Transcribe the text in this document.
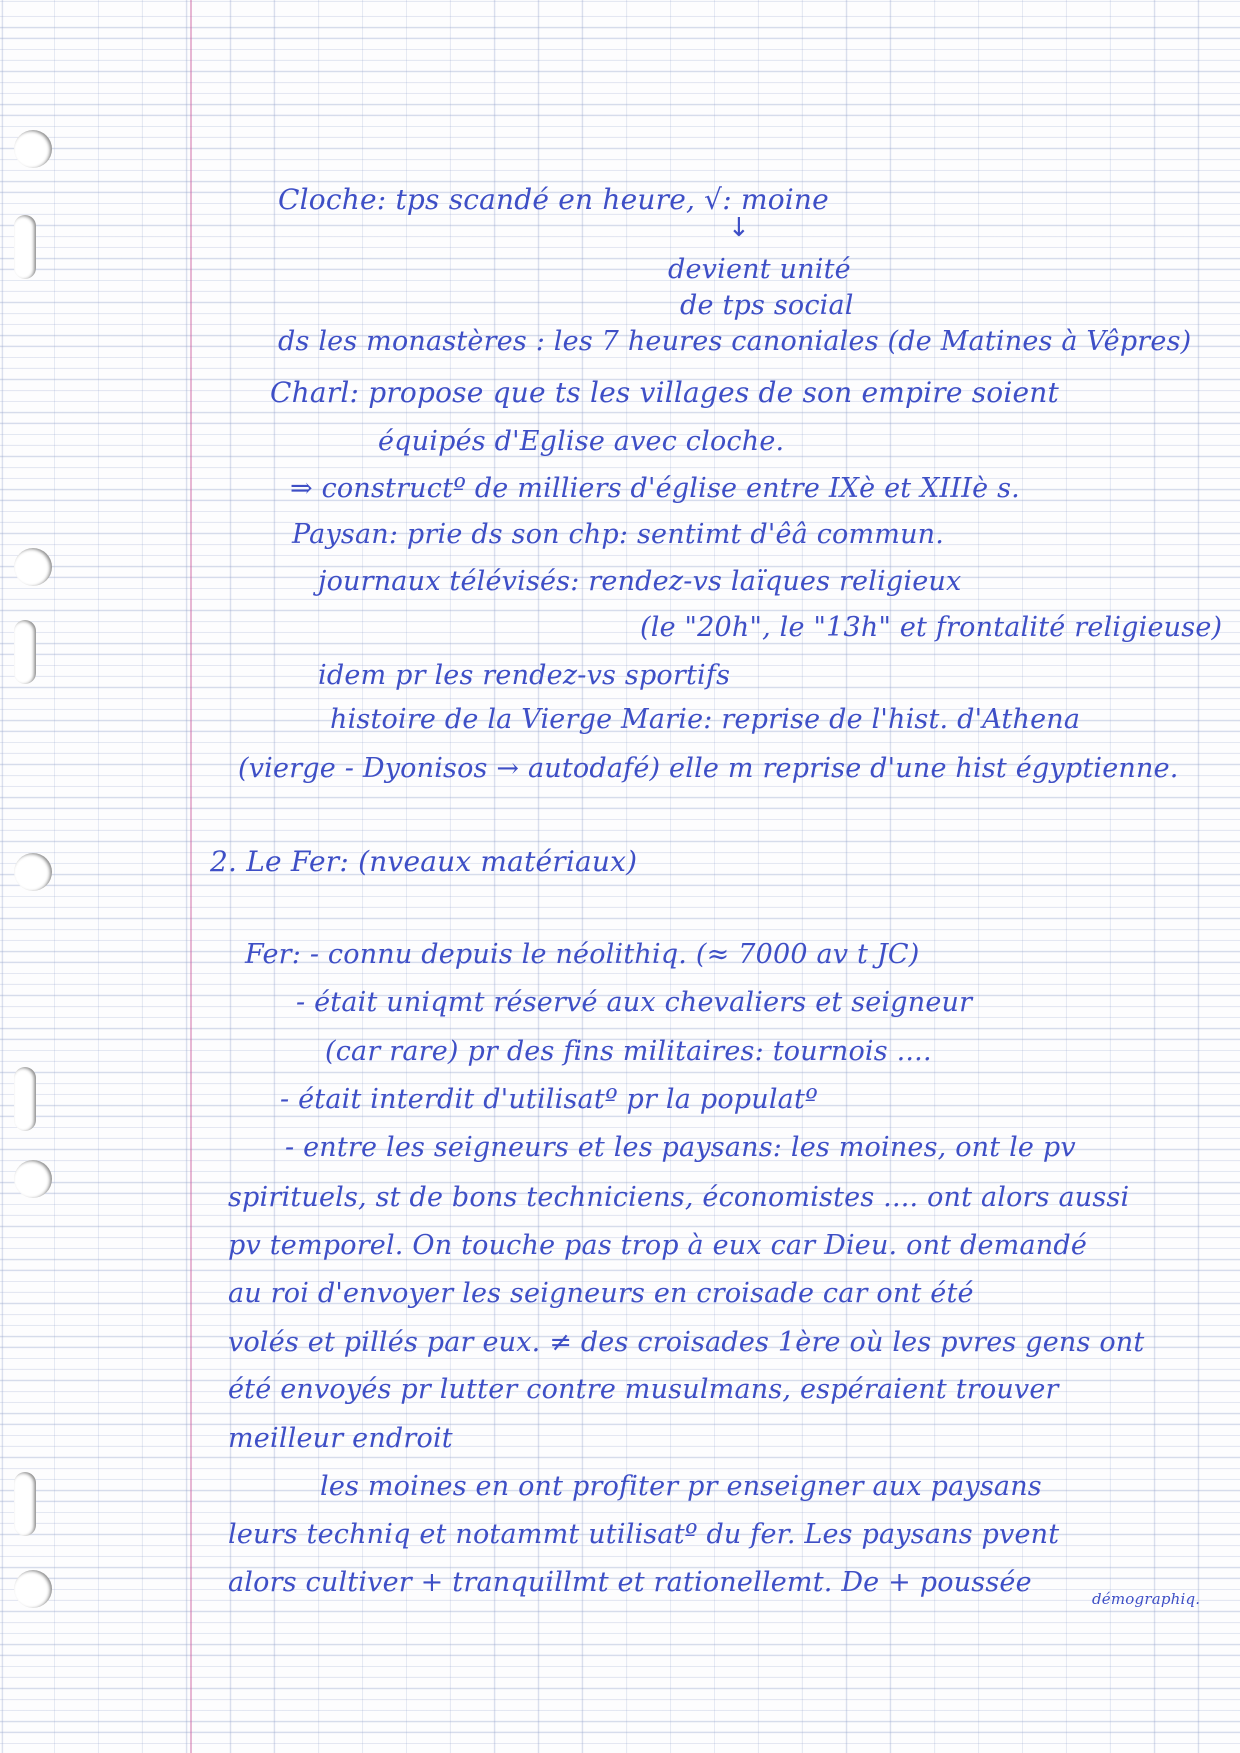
Cloche: tps scandé en heure, √: moine
↓
devient unité
de tps social
ds les monastères : les 7 heures canoniales (de Matines à Vêpres)
Charl: propose que ts les villages de son empire soient
équipés d'Eglise avec cloche.
⇒ constructº de milliers d'église entre IXè et XIIIè s.
Paysan: prie ds son chp: sentimt d'êâ commun.
journaux télévisés: rendez-vs laïques religieux
(le "20h", le "13h" et frontalité religieuse)
idem pr les rendez-vs sportifs
histoire de la Vierge Marie: reprise de l'hist. d'Athena
(vierge - Dyonisos → autodafé) elle m reprise d'une hist égyptienne.
2. Le Fer: (nveaux matériaux)
Fer: - connu depuis le néolithiq. (≈ 7000 av t JC)
- était uniqmt réservé aux chevaliers et seigneur
(car rare) pr des fins militaires: tournois ....
- était interdit d'utilisatº pr la populatº
- entre les seigneurs et les paysans: les moines, ont le pv
spirituels, st de bons techniciens, économistes .... ont alors aussi
pv temporel. On touche pas trop à eux car Dieu. ont demandé
au roi d'envoyer les seigneurs en croisade car ont été
volés et pillés par eux. ≠ des croisades 1ère où les pvres gens ont
été envoyés pr lutter contre musulmans, espéraient trouver
meilleur endroit
les moines en ont profiter pr enseigner aux paysans
leurs techniq et notammt utilisatº du fer. Les paysans pvent
alors cultiver + tranquillmt et rationellemt. De + poussée
démographiq.
